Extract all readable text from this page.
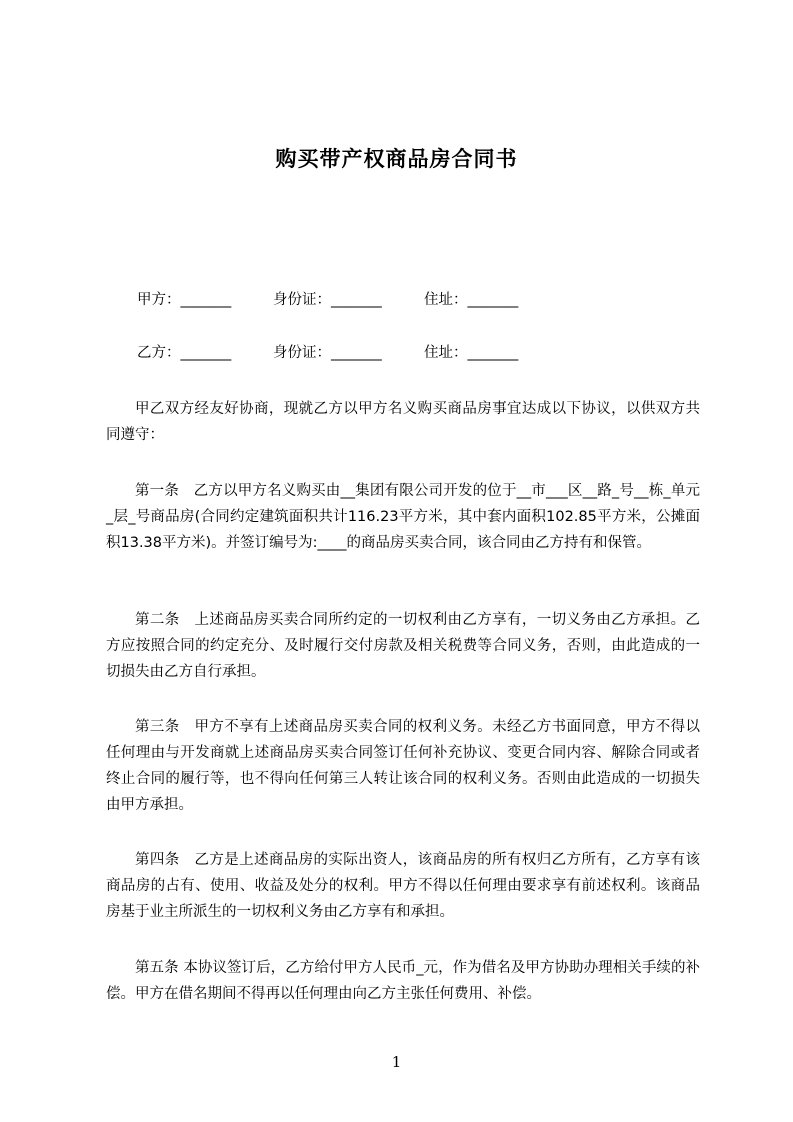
购买带产权商品房合同书
甲方：_______	身份证：_______	住址：_______
乙方：_______	身份证：_______	住址：_______

甲乙双方经友好协商，现就乙方以甲方名义购买商品房事宜达成以下协议，以供双方共同遵守：

第一条　乙方以甲方名义购买由__集团有限公司开发的位于__市___区__路_号__栋_单元_层_号商品房(合同约定建筑面积共计116.23平方米，其中套内面积102.85平方米，公摊面积13.38平方米)。并签订编号为:____的商品房买卖合同，该合同由乙方持有和保管。

第二条　上述商品房买卖合同所约定的一切权利由乙方享有，一切义务由乙方承担。乙方应按照合同的约定充分、及时履行交付房款及相关税费等合同义务，否则，由此造成的一切损失由乙方自行承担。

第三条　甲方不享有上述商品房买卖合同的权利义务。未经乙方书面同意，甲方不得以任何理由与开发商就上述商品房买卖合同签订任何补充协议、变更合同内容、解除合同或者终止合同的履行等，也不得向任何第三人转让该合同的权利义务。否则由此造成的一切损失由甲方承担。

第四条　乙方是上述商品房的实际出资人，该商品房的所有权归乙方所有，乙方享有该商品房的占有、使用、收益及处分的权利。甲方不得以任何理由要求享有前述权利。该商品房基于业主所派生的一切权利义务由乙方享有和承担。

第五条 本协议签订后，乙方给付甲方人民币_元，作为借名及甲方协助办理相关手续的补偿。甲方在借名期间不得再以任何理由向乙方主张任何费用、补偿。

1
